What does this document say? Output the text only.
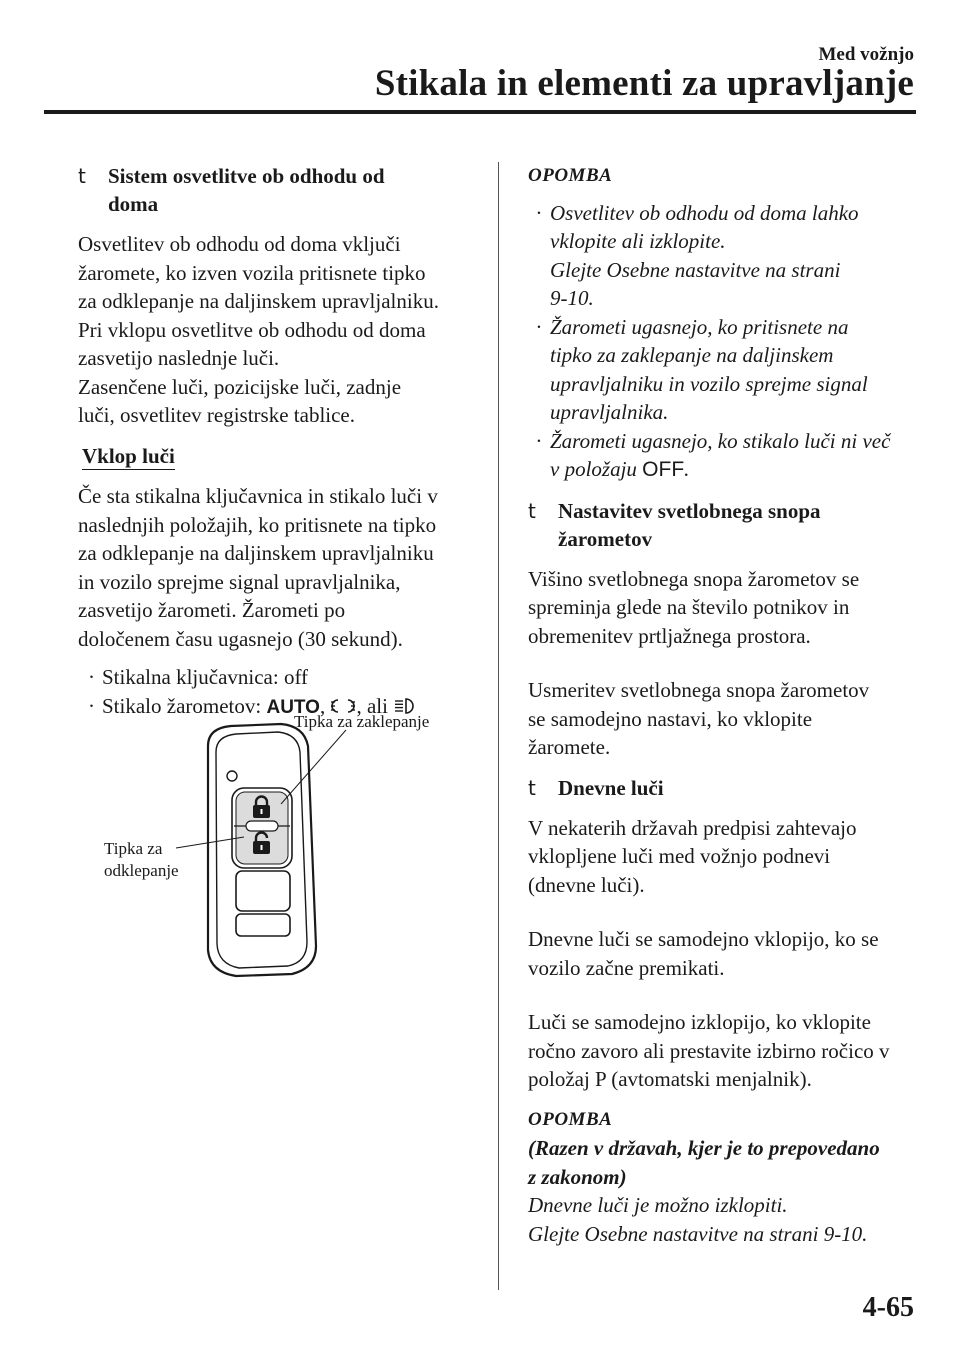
Med vožnjo
Stikala in elementi za upravljanje
t Sistem osvetlitve ob odhodu od
doma

Osvetlitev ob odhodu od doma vključi
žaromete, ko izven vozila pritisnete tipko
za odklepanje na daljinskem upravljalniku.
Pri vklopu osvetlitve ob odhodu od doma
zasvetijo naslednje luči.
Zasenčene luči, pozicijske luči, zadnje
luči, osvetlitev registrske tablice.

Vklop luči

Če sta stikalna ključavnica in stikalo luči v
naslednjih položajih, ko pritisnete na tipko
za odklepanje na daljinskem upravljalniku
in vozilo sprejme signal upravljalnika,
zasvetijo žarometi. Žarometi po
določenem času ugasnejo (30 sekund).

· Stikalna ključavnica: off
· Stikalo žarometov: AUTO, , ali
Tipka za zaklepanje
Tipka za
odklepanje
OPOMBA
· Osvetlitev ob odhodu od doma lahko
vklopite ali izklopite.
Glejte Osebne nastavitve na strani
9-10.
· Žarometi ugasnejo, ko pritisnete na
tipko za zaklepanje na daljinskem
upravljalniku in vozilo sprejme signal
upravljalnika.
· Žarometi ugasnejo, ko stikalo luči ni več
v položaju OFF.
t Nastavitev svetlobnega snopa
žarometov

Višino svetlobnega snopa žarometov se
spreminja glede na število potnikov in
obremenitev prtljažnega prostora.

Usmeritev svetlobnega snopa žarometov
se samodejno nastavi, ko vklopite
žaromete.

t Dnevne luči

V nekaterih državah predpisi zahtevajo
vklopljene luči med vožnjo podnevi
(dnevne luči).

Dnevne luči se samodejno vklopijo, ko se
vozilo začne premikati.

Luči se samodejno izklopijo, ko vklopite
ročno zavoro ali prestavite izbirno ročico v
položaj P (avtomatski menjalnik).

OPOMBA
(Razen v državah, kjer je to prepovedano
z zakonom)
Dnevne luči je možno izklopiti.
Glejte Osebne nastavitve na strani 9-10.
4-65
